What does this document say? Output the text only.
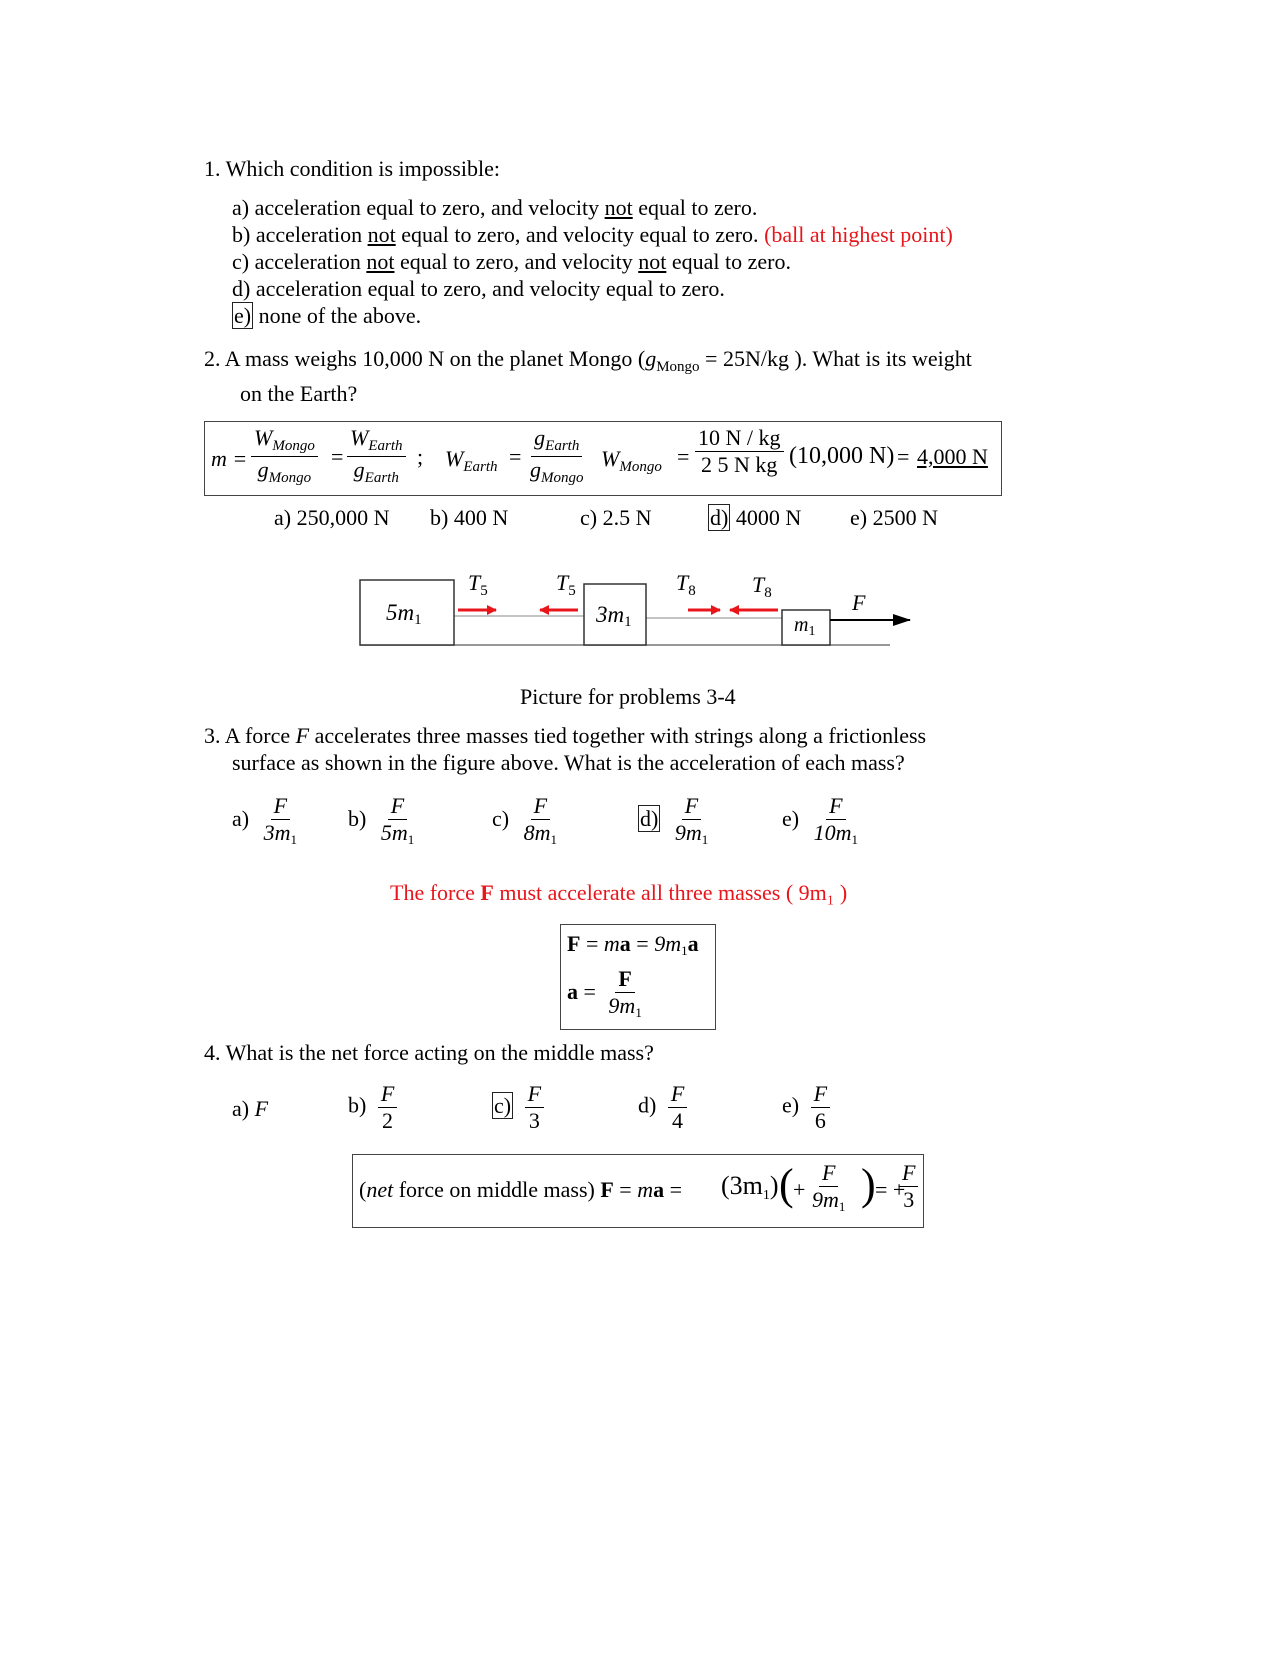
1. Which condition is impossible:
a) acceleration equal to zero, and velocity not equal to zero.
b) acceleration not equal to zero, and velocity equal to zero. (ball at highest point)
c) acceleration not equal to zero, and velocity not equal to zero.
d) acceleration equal to zero, and velocity equal to zero.
e) none of the above.
2. A mass weighs 10,000 N on the planet Mongo ($g_{Mongo} = 25N/kg$ ). What is its weight
on the Earth?
$m = \frac{W_{Mongo}}{g_{Mongo}} = \frac{W_{Earth}}{g_{Earth}}$ ; $W_{Earth} = \frac{g_{Earth}}{g_{Mongo}} W_{Mongo} = \frac{10 N / kg}{\text{2 5 N kg}} (10,000$ N) = 4,000 N
a) 250,000 N b) 400 N	c) 2.5 N	d) 4000 N e) 2500 N
5m1	3m1	$m_1$
$T_5$	$T_5$	$T_8$	$T_8$	F
Picture for problems 3-4
3. A force F accelerates three masses tied together with strings along a frictionless
surface as shown in the figure above. What is the acceleration of each mass?
$a) \frac{F}{3m1} b) \frac{F}{5m1}$	$c) \frac{F}{8m1}$	$d) \frac{F}{9m1}$	$e) \frac{F}{10m1}$
The force F must accelerate all three masses ( 9m₁ )
F = ma = 9m1a
$a = \frac{F}{9m1}$
4. What is the net force acting on the middle mass?
a) F	$b) \frac{F}{2}$	$c) \frac{F}{3}$	$d) \frac{F}{4}$	$e) \frac{F}{6}$
(net force on middle mass) F = ma = (3m1) ( + $\frac{F}{9m1}$ ) = +
$\frac{F}{3}$
